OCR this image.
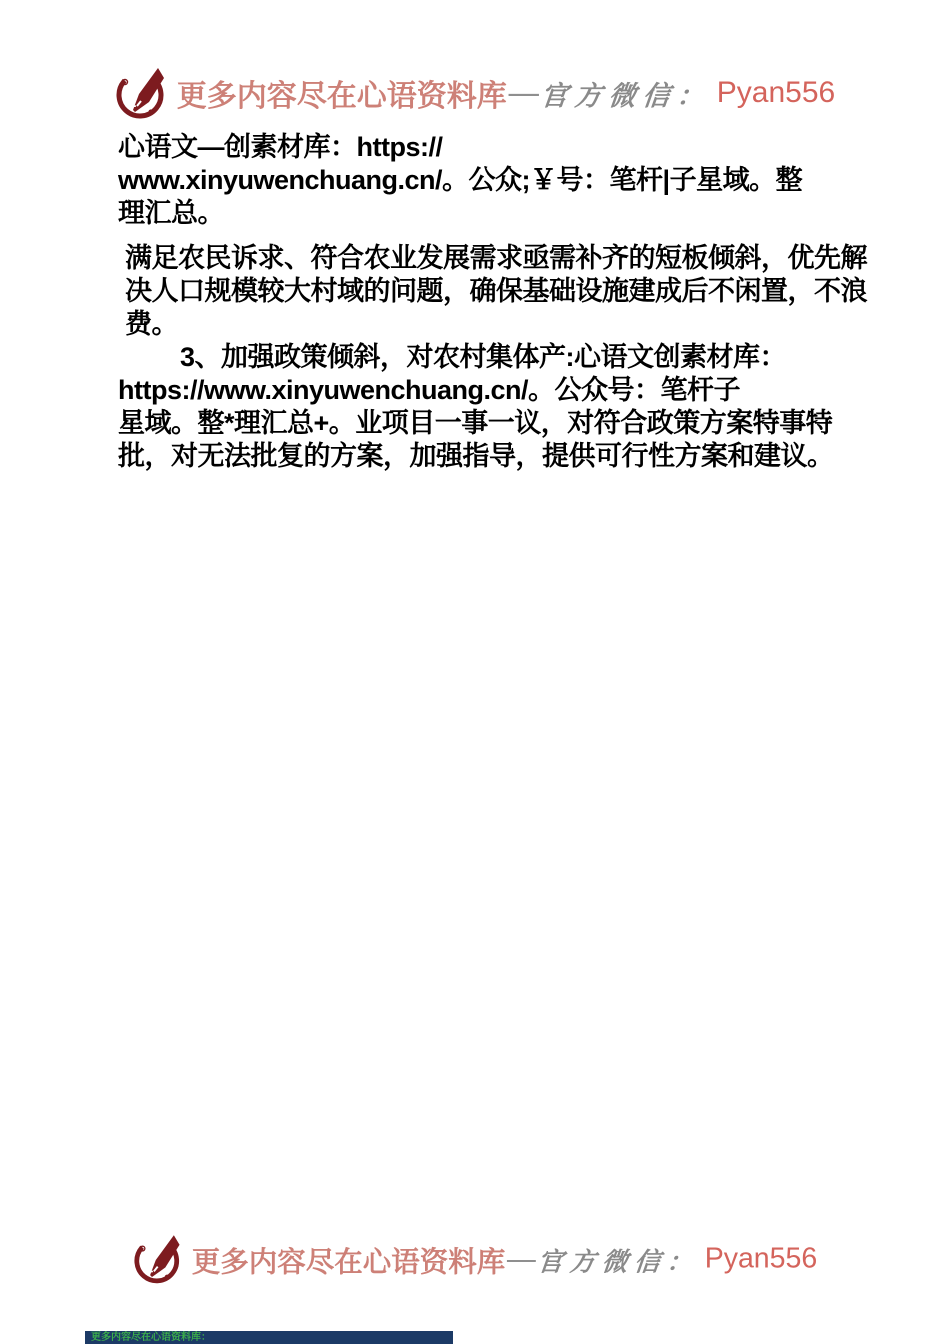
更多内容尽在心语资料库 — 官方微信： Pyan556
心语文—创素材库：https://
www.xinyuwenchuang.cn/。公众;￥号：笔杆|子星域。整
理汇总。
满足农民诉求、符合农业发展需求亟需补齐的短板倾斜，优先解
决人口规模较大村域的问题，确保基础设施建成后不闲置，不浪
费。
3、加强政策倾斜，对农村集体产:心语文创素材库：
https://www.xinyuwenchuang.cn/。公众号：笔杆子
星域。整*理汇总+。业项目一事一议，对符合政策方案特事特
批，对无法批复的方案，加强指导，提供可行性方案和建议。
更多内容尽在心语资料库 — 官方微信： Pyan556
更多内容尽在心语资料库：
